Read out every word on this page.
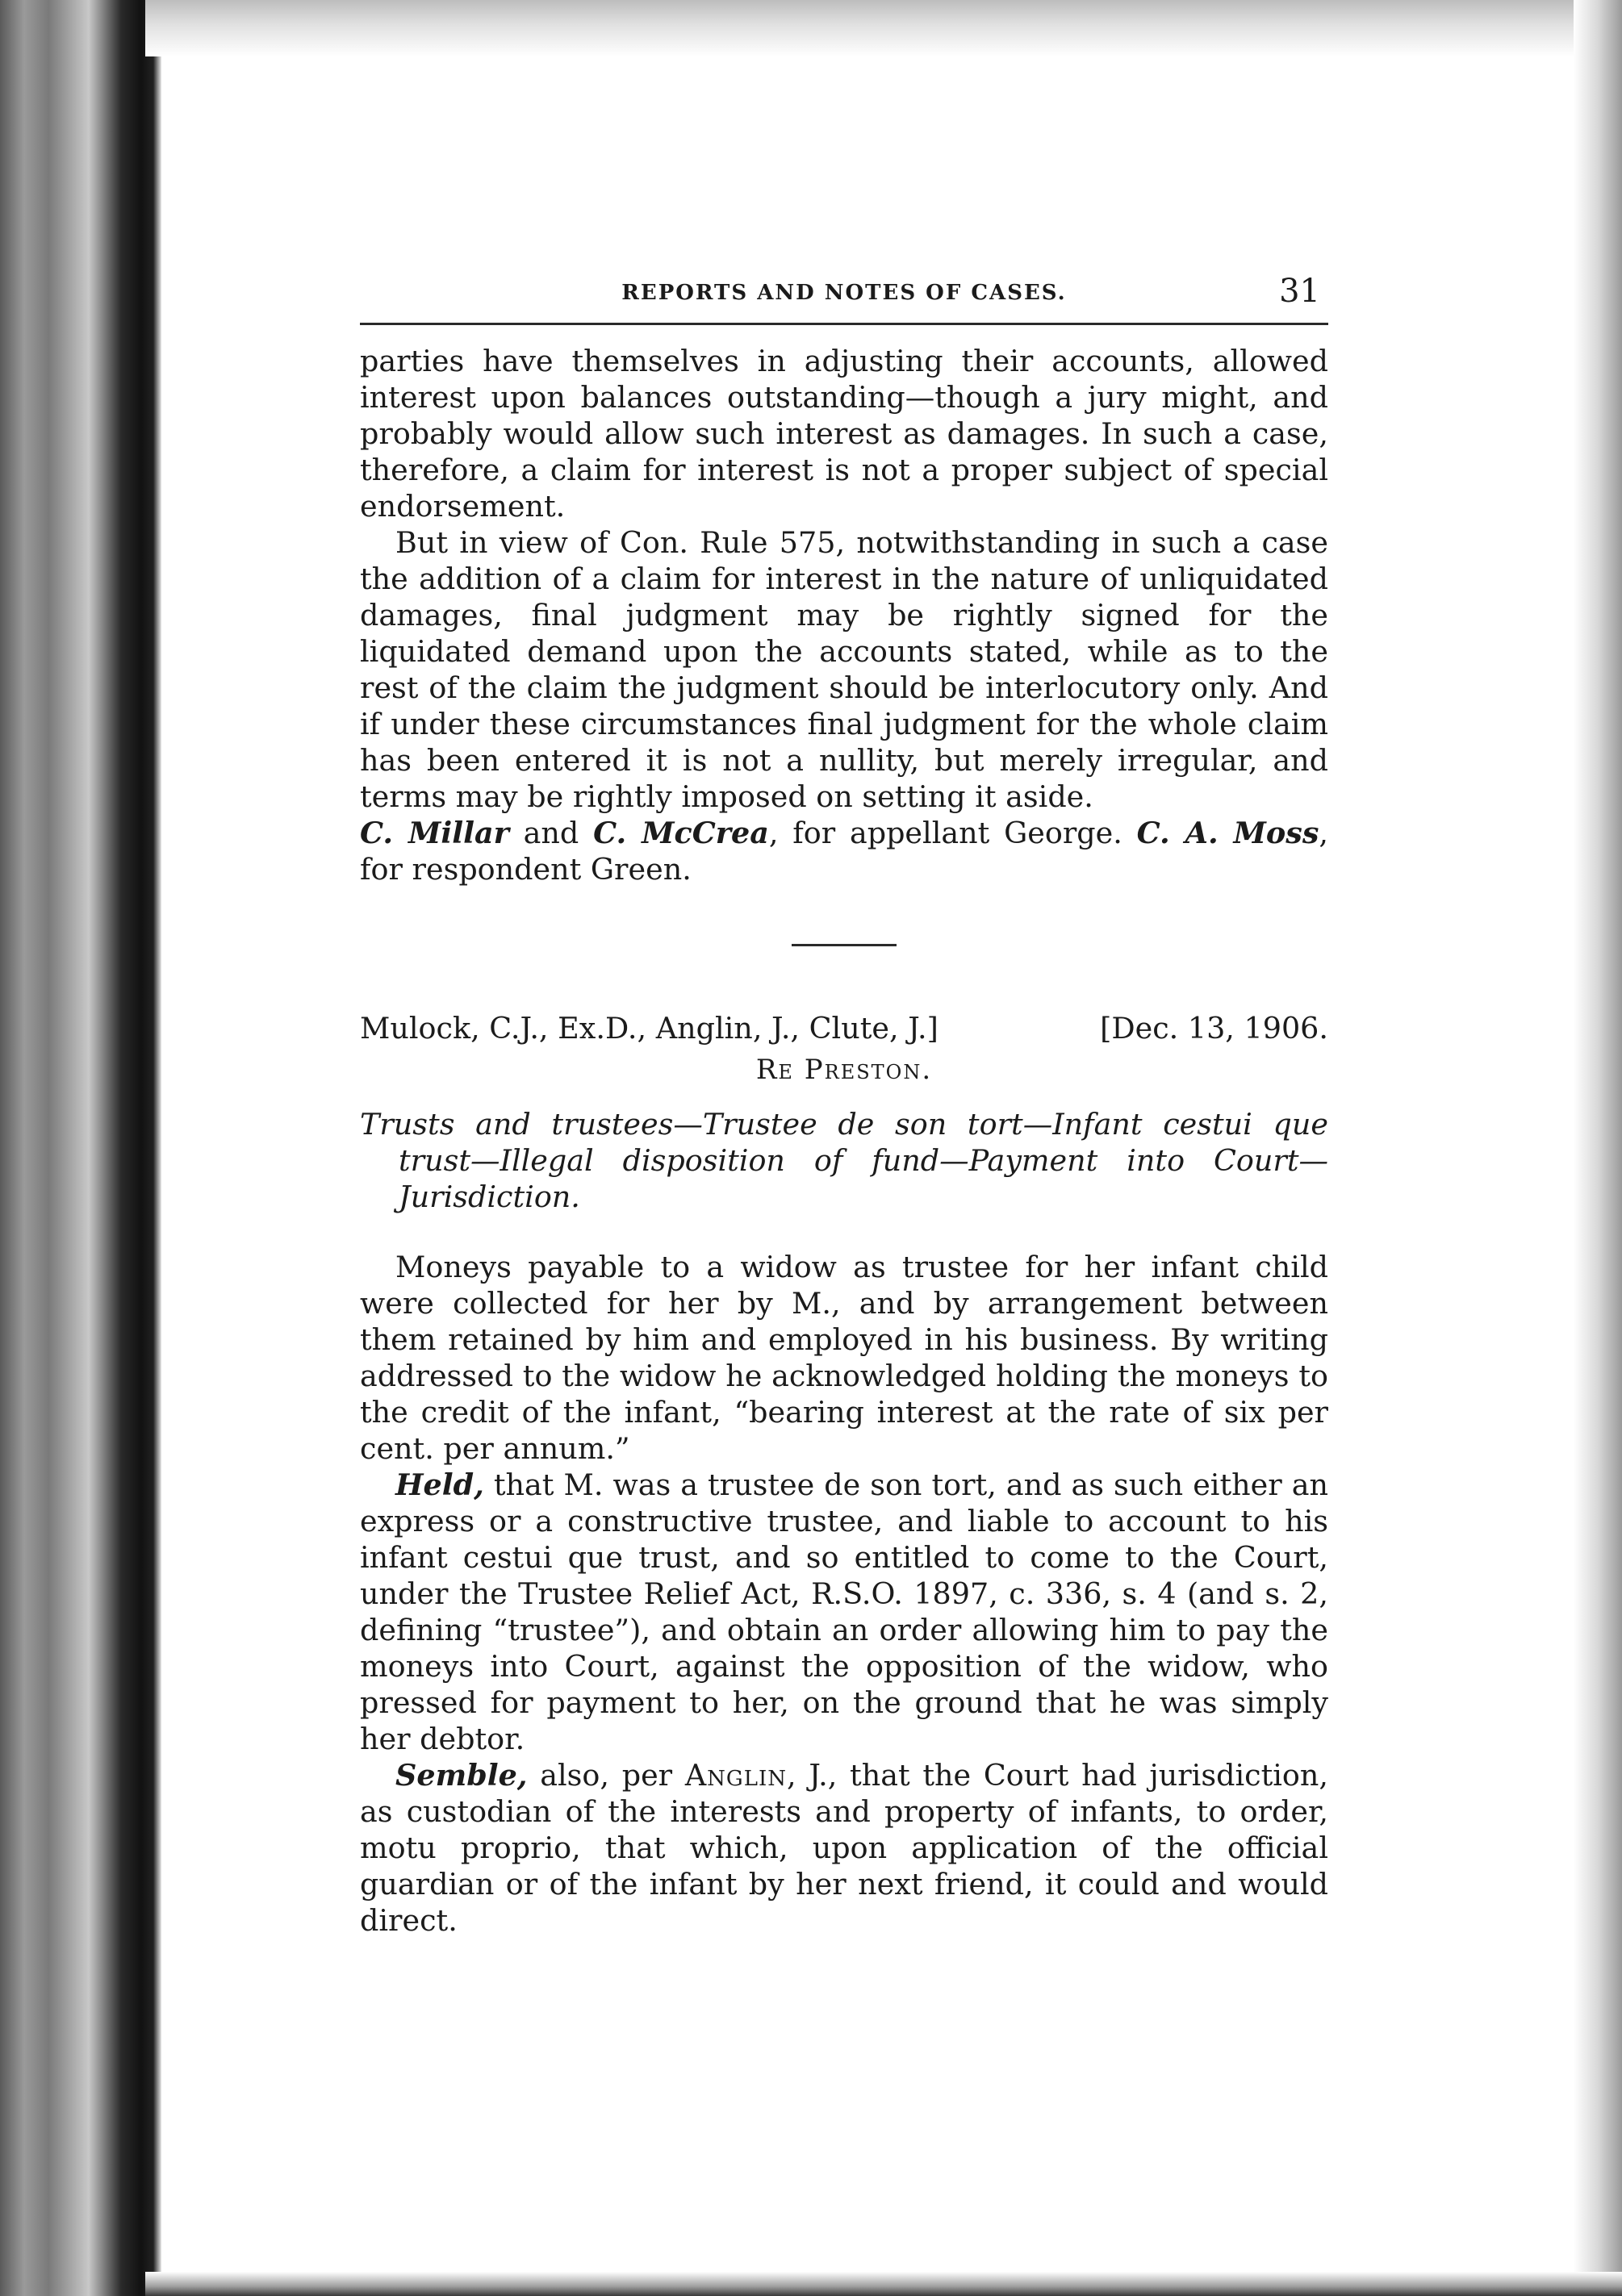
REPORTS AND NOTES OF CASES.	31

parties have themselves in adjusting their accounts, allowed interest upon balances outstanding—though a jury might, and probably would allow such interest as damages. In such a case, therefore, a claim for interest is not a proper subject of special endorsement.

But in view of Con. Rule 575, notwithstanding in such a case the addition of a claim for interest in the nature of unliquidated damages, final judgment may be rightly signed for the liquidated demand upon the accounts stated, while as to the rest of the claim the judgment should be interlocutory only. And if under these circumstances final judgment for the whole claim has been entered it is not a nullity, but merely irregular, and terms may be rightly imposed on setting it aside.

C. Millar and C. McCrea, for appellant George. C. A. Moss, for respondent Green.

Mulock, C.J., Ex.D., Anglin, J., Clute, J.]	[Dec. 13, 1906.
Re Preston.
Trusts and trustees—Trustee de son tort—Infant cestui que trust—Illegal disposition of fund—Payment into Court—Jurisdiction.

Moneys payable to a widow as trustee for her infant child were collected for her by M., and by arrangement between them retained by him and employed in his business. By writing addressed to the widow he acknowledged holding the moneys to the credit of the infant, “bearing interest at the rate of six per cent. per annum.”

Held, that M. was a trustee de son tort, and as such either an express or a constructive trustee, and liable to account to his infant cestui que trust, and so entitled to come to the Court, under the Trustee Relief Act, R.S.O. 1897, c. 336, s. 4 (and s. 2, defining “trustee”), and obtain an order allowing him to pay the moneys into Court, against the opposition of the widow, who pressed for payment to her, on the ground that he was simply her debtor.

Semble, also, per Anglin, J., that the Court had jurisdiction, as custodian of the interests and property of infants, to order, motu proprio, that which, upon application of the official guardian or of the infant by her next friend, it could and would direct.
